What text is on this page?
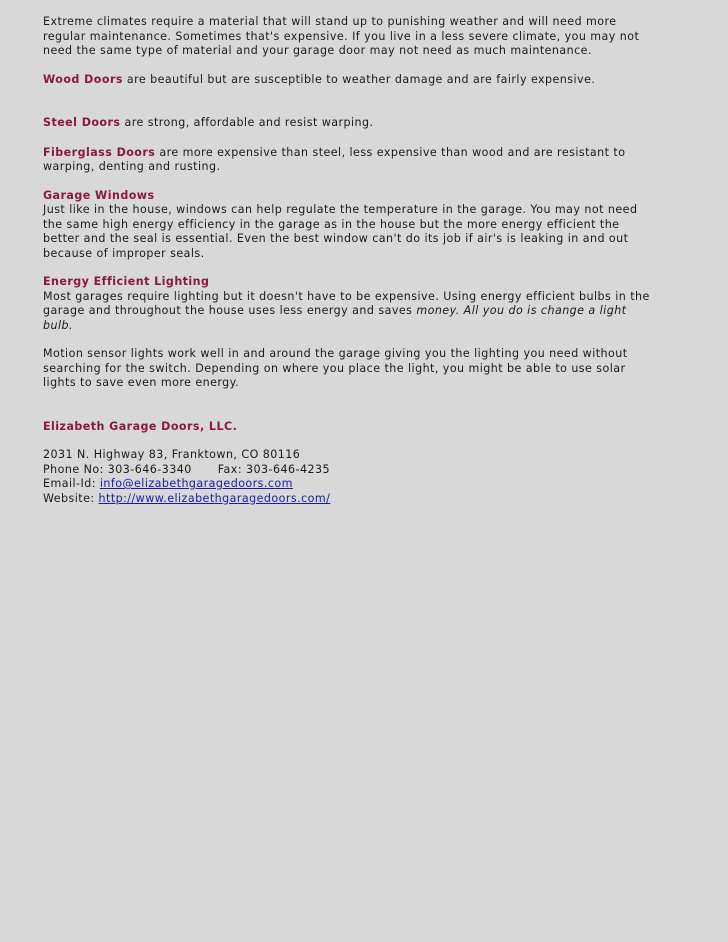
Extreme climates require a material that will stand up to punishing weather and will need more regular maintenance. Sometimes that's expensive. If you live in a less severe climate, you may not need the same type of material and your garage door may not need as much maintenance.

Wood Doors are beautiful but are susceptible to weather damage and are fairly expensive.

Steel Doors are strong, affordable and resist warping.

Fiberglass Doors are more expensive than steel, less expensive than wood and are resistant to warping, denting and rusting.

Garage Windows
Just like in the house, windows can help regulate the temperature in the garage. You may not need the same high energy efficiency in the garage as in the house but the more energy efficient the better and the seal is essential. Even the best window can't do its job if air's is leaking in and out because of improper seals.

Energy Efficient Lighting
Most garages require lighting but it doesn't have to be expensive. Using energy efficient bulbs in the garage and throughout the house uses less energy and saves money. All you do is change a light bulb.

Motion sensor lights work well in and around the garage giving you the lighting you need without searching for the switch. Depending on where you place the light, you might be able to use solar lights to save even more energy.

Elizabeth Garage Doors, LLC.

2031 N. Highway 83, Franktown, CO 80116
Phone No: 303-646-3340 Fax: 303-646-4235
Email-Id: info@elizabethgaragedoors.com
Website: http://www.elizabethgaragedoors.com/
